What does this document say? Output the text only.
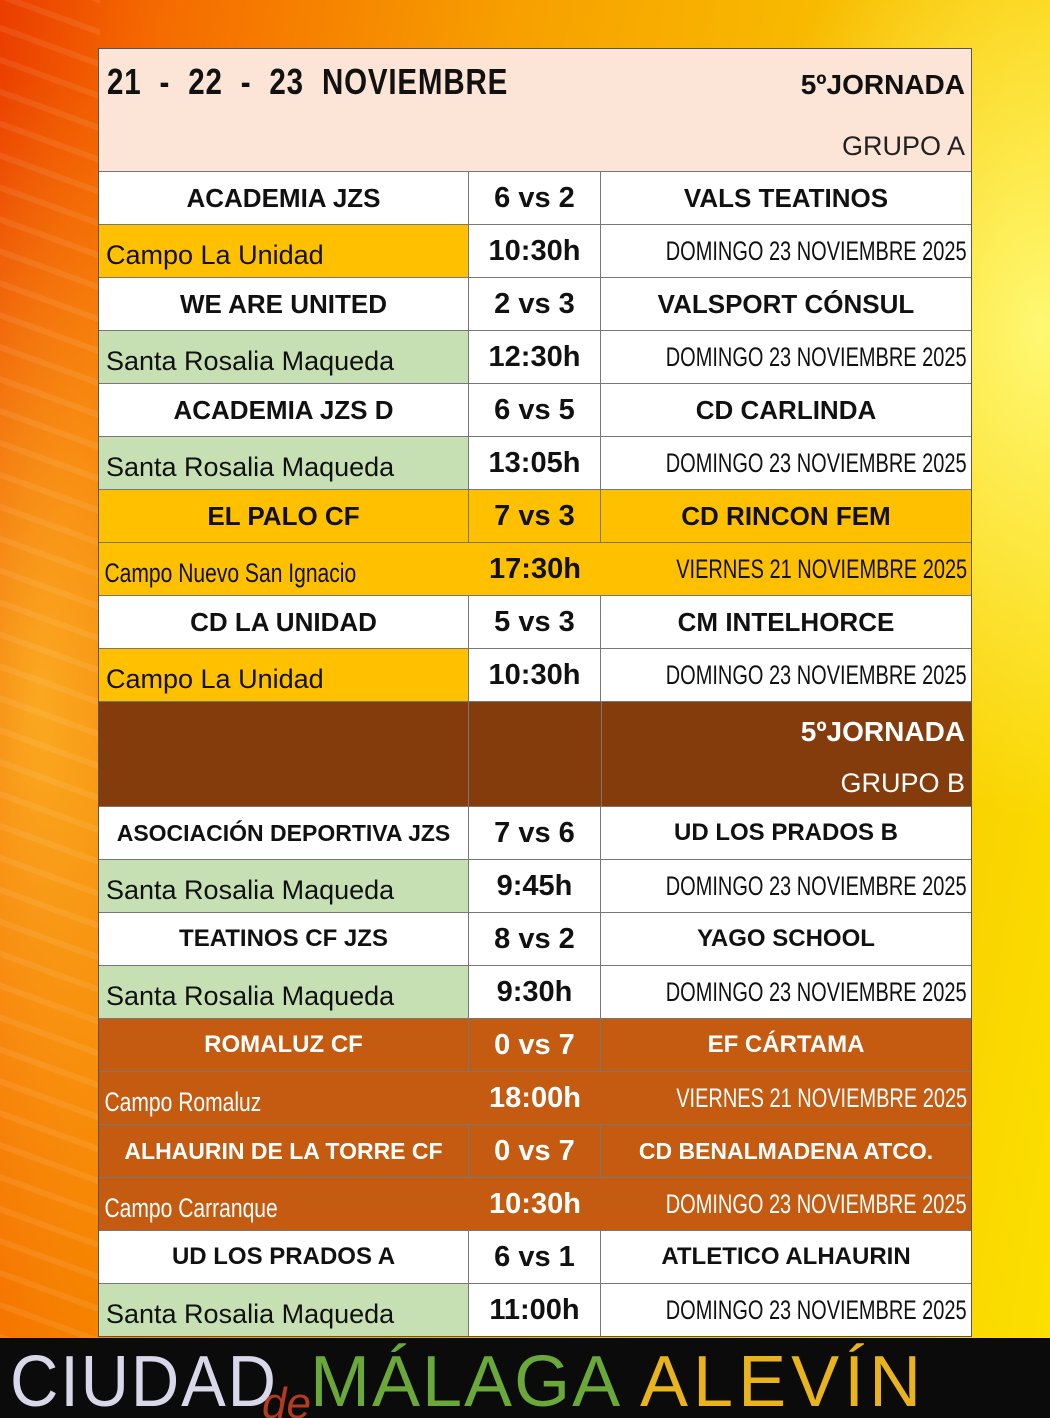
21  -  22  -  23  NOVIEMBRE	5ºJORNADA
GRUPO A
ACADEMIA JZS	6 vs 2	VALS TEATINOS
Campo La Unidad	10:30h	DOMINGO 23 NOVIEMBRE 2025
WE ARE UNITED	2 vs 3	VALSPORT CÓNSUL
Santa Rosalia Maqueda	12:30h	DOMINGO 23 NOVIEMBRE 2025
ACADEMIA JZS D	6 vs 5	CD CARLINDA
Santa Rosalia Maqueda	13:05h	DOMINGO 23 NOVIEMBRE 2025
EL PALO CF	7 vs 3	CD RINCON FEM
Campo Nuevo San Ignacio	17:30h	VIERNES 21 NOVIEMBRE 2025
CD LA UNIDAD	5 vs 3	CM INTELHORCE
Campo La Unidad	10:30h	DOMINGO 23 NOVIEMBRE 2025
5ºJORNADA
GRUPO B
ASOCIACIÓN DEPORTIVA JZS	7 vs 6	UD LOS PRADOS B
Santa Rosalia Maqueda	9:45h	DOMINGO 23 NOVIEMBRE 2025
TEATINOS CF JZS	8 vs 2	YAGO SCHOOL
Santa Rosalia Maqueda	9:30h	DOMINGO 23 NOVIEMBRE 2025
ROMALUZ CF	0 vs 7	EF CÁRTAMA
Campo Romaluz	18:00h	VIERNES 21 NOVIEMBRE 2025
ALHAURIN DE LA TORRE CF	0 vs 7	CD BENALMADENA ATCO.
Campo Carranque	10:30h	DOMINGO 23 NOVIEMBRE 2025
UD LOS PRADOS A	6 vs 1	ATLETICO ALHAURIN
Santa Rosalia Maqueda	11:00h	DOMINGO 23 NOVIEMBRE 2025
CIUDAD
de MÁLAGA ALEVÍN
